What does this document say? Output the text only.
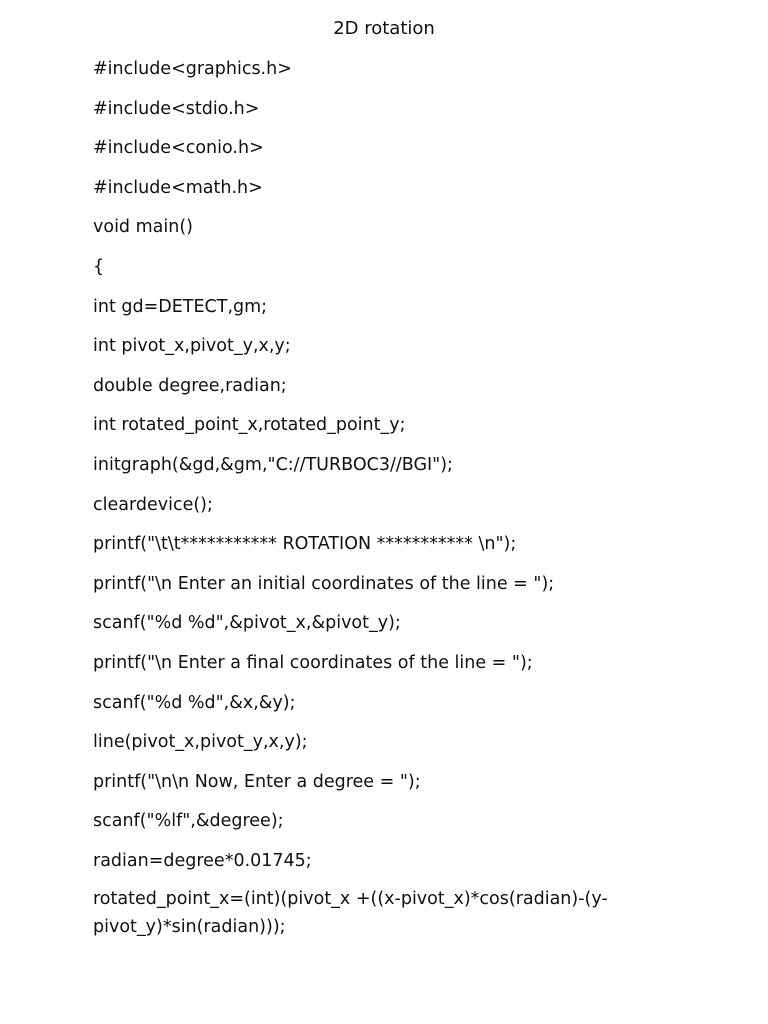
2D rotation
#include<graphics.h>
#include<stdio.h>
#include<conio.h>
#include<math.h>
void main()
{
int gd=DETECT,gm;
int pivot_x,pivot_y,x,y;
double degree,radian;
int rotated_point_x,rotated_point_y;
initgraph(&gd,&gm,"C://TURBOC3//BGI");
cleardevice();
printf("\t\t*********** ROTATION *********** \n");
printf("\n Enter an initial coordinates of the line = ");
scanf("%d %d",&pivot_x,&pivot_y);
printf("\n Enter a final coordinates of the line = ");
scanf("%d %d",&x,&y);
line(pivot_x,pivot_y,x,y);
printf("\n\n Now, Enter a degree = ");
scanf("%lf",&degree);
radian=degree*0.01745;
rotated_point_x=(int)(pivot_x +((x-pivot_x)*cos(radian)-(y-pivot_y)*sin(radian)));
